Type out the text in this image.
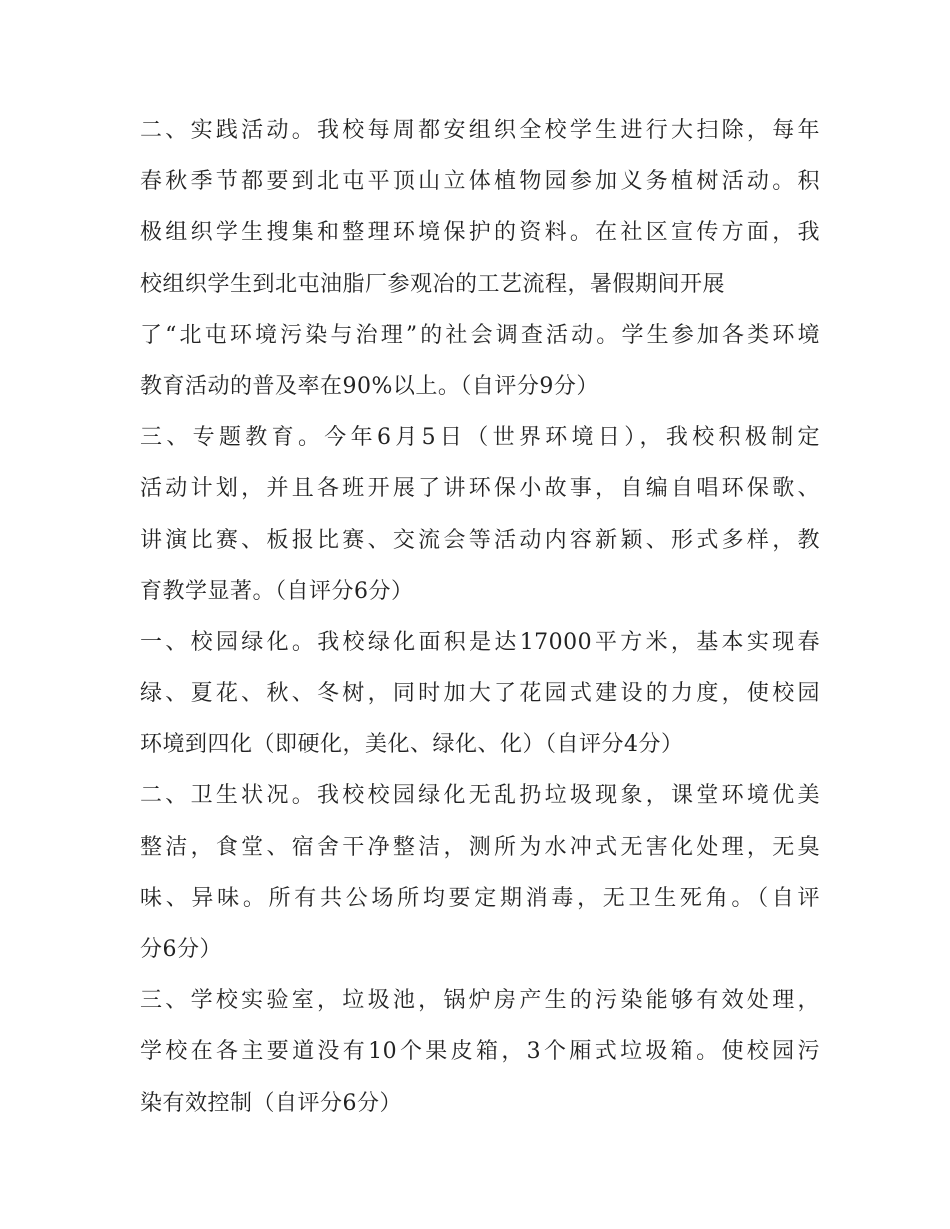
二、实践活动。我校每周都安组织全校学生进行大扫除，每年
春秋季节都要到北屯平顶山立体植物园参加义务植树活动。积
极组织学生搜集和整理环境保护的资料。在社区宣传方面，我
校组织学生到北屯油脂厂参观冶的工艺流程，暑假期间开展
了“北屯环境污染与治理”的社会调查活动。学生参加各类环境
教育活动的普及率在90%以上。（自评分9分）
三、专题教育。今年6月5日（世界环境日），我校积极制定
活动计划，并且各班开展了讲环保小故事，自编自唱环保歌、
讲演比赛、板报比赛、交流会等活动内容新颖、形式多样，教
育教学显著。（自评分6分）
一、校园绿化。我校绿化面积是达17000平方米，基本实现春
绿、夏花、秋、冬树，同时加大了花园式建设的力度，使校园
环境到四化（即硬化，美化、绿化、化）（自评分4分）
二、卫生状况。我校校园绿化无乱扔垃圾现象，课堂环境优美
整洁，食堂、宿舍干净整洁，测所为水冲式无害化处理，无臭
味、异味。所有共公场所均要定期消毒，无卫生死角。（自评
分6分）
三、学校实验室，垃圾池，锅炉房产生的污染能够有效处理，
学校在各主要道没有10个果皮箱，3个厢式垃圾箱。使校园污
染有效控制（自评分6分）
